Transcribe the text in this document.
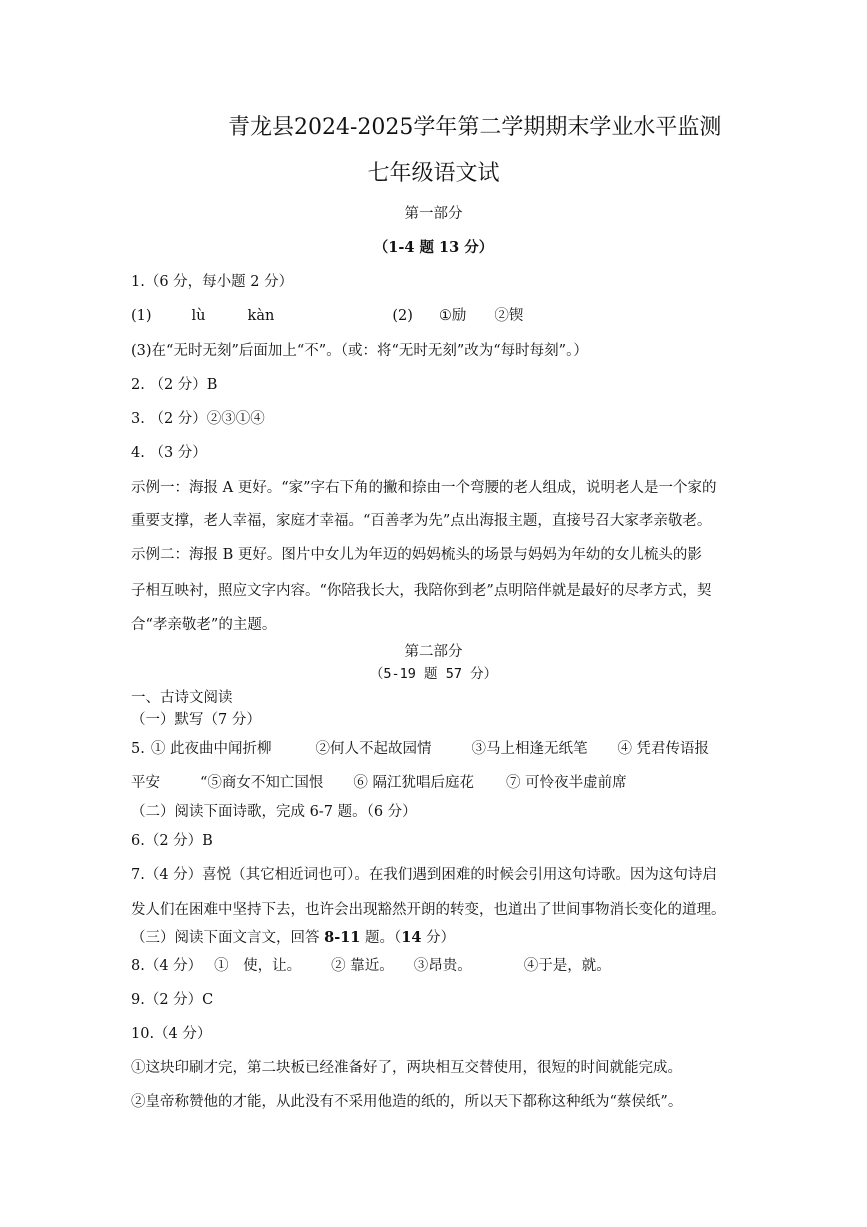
青龙县2024-2025学年第二学期期末学业水平监测
七年级语文试
第一部分
（1-4 题 13 分）
1.（6 分，每小题 2 分）
(1)	lù	kàn	(2) ①励 ②锲
(3)在“无时无刻”后面加上“不”。（或：将“无时无刻”改为“每时每刻”。）
2. （2 分）B
3. （2 分）②③①④
4. （3 分）
示例一：海报 A 更好。“家”字右下角的撇和捺由一个弯腰的老人组成，说明老人是一个家的
重要支撑，老人幸福，家庭才幸福。“百善孝为先”点出海报主题，直接号召大家孝亲敬老。
示例二：海报 B 更好。图片中女儿为年迈的妈妈梳头的场景与妈妈为年幼的女儿梳头的影
子相互映衬，照应文字内容。“你陪我长大，我陪你到老”点明陪伴就是最好的尽孝方式，契
合“孝亲敬老”的主题。
第二部分
（5-19 题 57 分）
一、古诗文阅读
（一）默写（7 分）
5. ① 此夜曲中闻折柳	②何人不起故园情	③马上相逢无纸笔 ④ 凭君传语报
平安	“⑤商女不知亡国恨 ⑥ 隔江犹唱后庭花 ⑦ 可怜夜半虚前席
（二）阅读下面诗歌，完成 6-7 题。（6 分）
6.（2 分）B
7.（4 分）喜悦（其它相近词也可）。在我们遇到困难的时候会引用这句诗歌。因为这句诗启
发人们在困难中坚持下去，也许会出现豁然开朗的转变，也道出了世间事物消长变化的道理。
（三）阅读下面文言文，回答 8-11 题。（14 分）
8.（4 分） ①　使，让。 ② 靠近。 ③昂贵。	④于是，就。
9.（2 分）C
10.（4 分）
①这块印刷才完，第二块板已经准备好了，两块相互交替使用，很短的时间就能完成。
②皇帝称赞他的才能，从此没有不采用他造的纸的，所以天下都称这种纸为“蔡侯纸”。
